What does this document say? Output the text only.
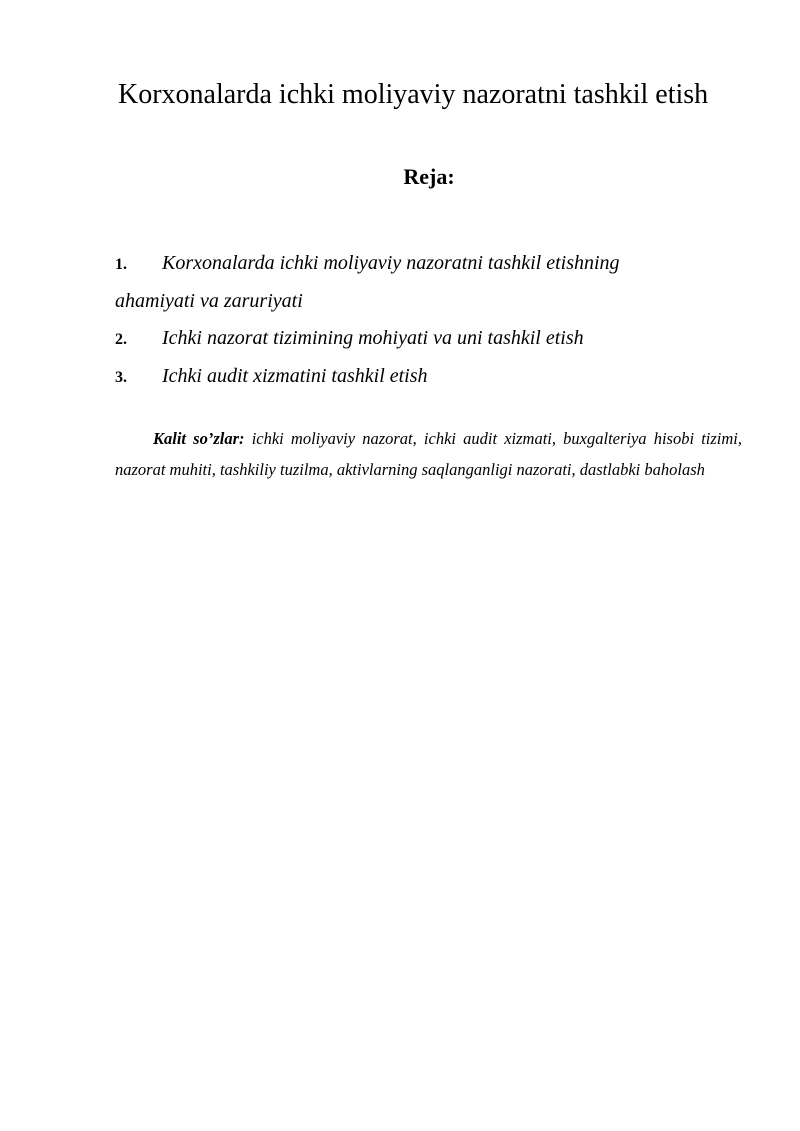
Korxonalarda ichki moliyaviy nazoratni tashkil etish
Reja:
1. Korxonalarda ichki moliyaviy nazoratni tashkil etishning
ahamiyati va zaruriyati
2. Ichki nazorat tizimining mohiyati va uni tashkil etish
3. Ichki audit xizmatini tashkil etish

Kalit so’zlar: ichki moliyaviy nazorat, ichki audit xizmati, buxgalteriya hisobi tizimi, nazorat muhiti, tashkiliy tuzilma, aktivlarning saqlanganligi nazorati, dastlabki baholash
